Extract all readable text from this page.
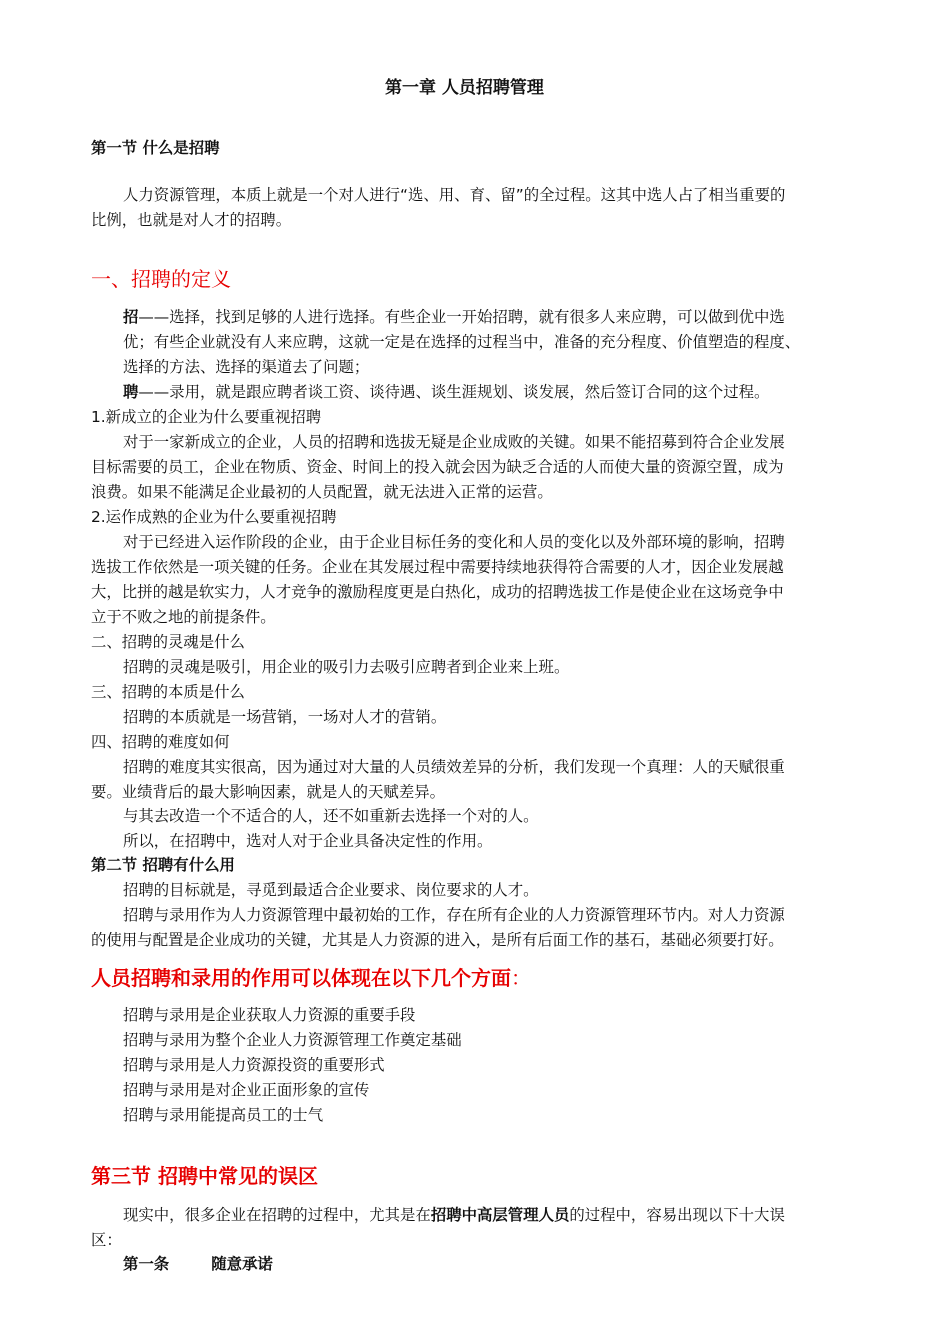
第一章 人员招聘管理
第一节 什么是招聘
人力资源管理，本质上就是一个对人进行“选、用、育、留”的全过程。这其中选人占了相当重要的
比例，也就是对人才的招聘。
一、招聘的定义
招——选择，找到足够的人进行选择。有些企业一开始招聘，就有很多人来应聘，可以做到优中选
优；有些企业就没有人来应聘，这就一定是在选择的过程当中，准备的充分程度、价值塑造的程度、
选择的方法、选择的渠道去了问题；
聘——录用，就是跟应聘者谈工资、谈待遇、谈生涯规划、谈发展，然后签订合同的这个过程。
1.新成立的企业为什么要重视招聘
对于一家新成立的企业，人员的招聘和选拔无疑是企业成败的关键。如果不能招募到符合企业发展
目标需要的员工，企业在物质、资金、时间上的投入就会因为缺乏合适的人而使大量的资源空置，成为
浪费。如果不能满足企业最初的人员配置，就无法进入正常的运营。
2.运作成熟的企业为什么要重视招聘
对于已经进入运作阶段的企业，由于企业目标任务的变化和人员的变化以及外部环境的影响，招聘
选拔工作依然是一项关键的任务。企业在其发展过程中需要持续地获得符合需要的人才，因企业发展越
大，比拼的越是软实力，人才竞争的激励程度更是白热化，成功的招聘选拔工作是使企业在这场竞争中
立于不败之地的前提条件。
二、招聘的灵魂是什么
招聘的灵魂是吸引，用企业的吸引力去吸引应聘者到企业来上班。
三、招聘的本质是什么
招聘的本质就是一场营销，一场对人才的营销。
四、招聘的难度如何
招聘的难度其实很高，因为通过对大量的人员绩效差异的分析，我们发现一个真理：人的天赋很重
要。业绩背后的最大影响因素，就是人的天赋差异。
与其去改造一个不适合的人，还不如重新去选择一个对的人。
所以，在招聘中，选对人对于企业具备决定性的作用。
第二节 招聘有什么用
招聘的目标就是，寻觅到最适合企业要求、岗位要求的人才。
招聘与录用作为人力资源管理中最初始的工作，存在所有企业的人力资源管理环节内。对人力资源
的使用与配置是企业成功的关键，尤其是人力资源的进入，是所有后面工作的基石，基础必须要打好。
人员招聘和录用的作用可以体现在以下几个方面：
招聘与录用是企业获取人力资源的重要手段
招聘与录用为整个企业人力资源管理工作奠定基础
招聘与录用是人力资源投资的重要形式
招聘与录用是对企业正面形象的宣传
招聘与录用能提高员工的士气
第三节 招聘中常见的误区
现实中，很多企业在招聘的过程中，尤其是在招聘中高层管理人员的过程中，容易出现以下十大误
区：
第一条	随意承诺
